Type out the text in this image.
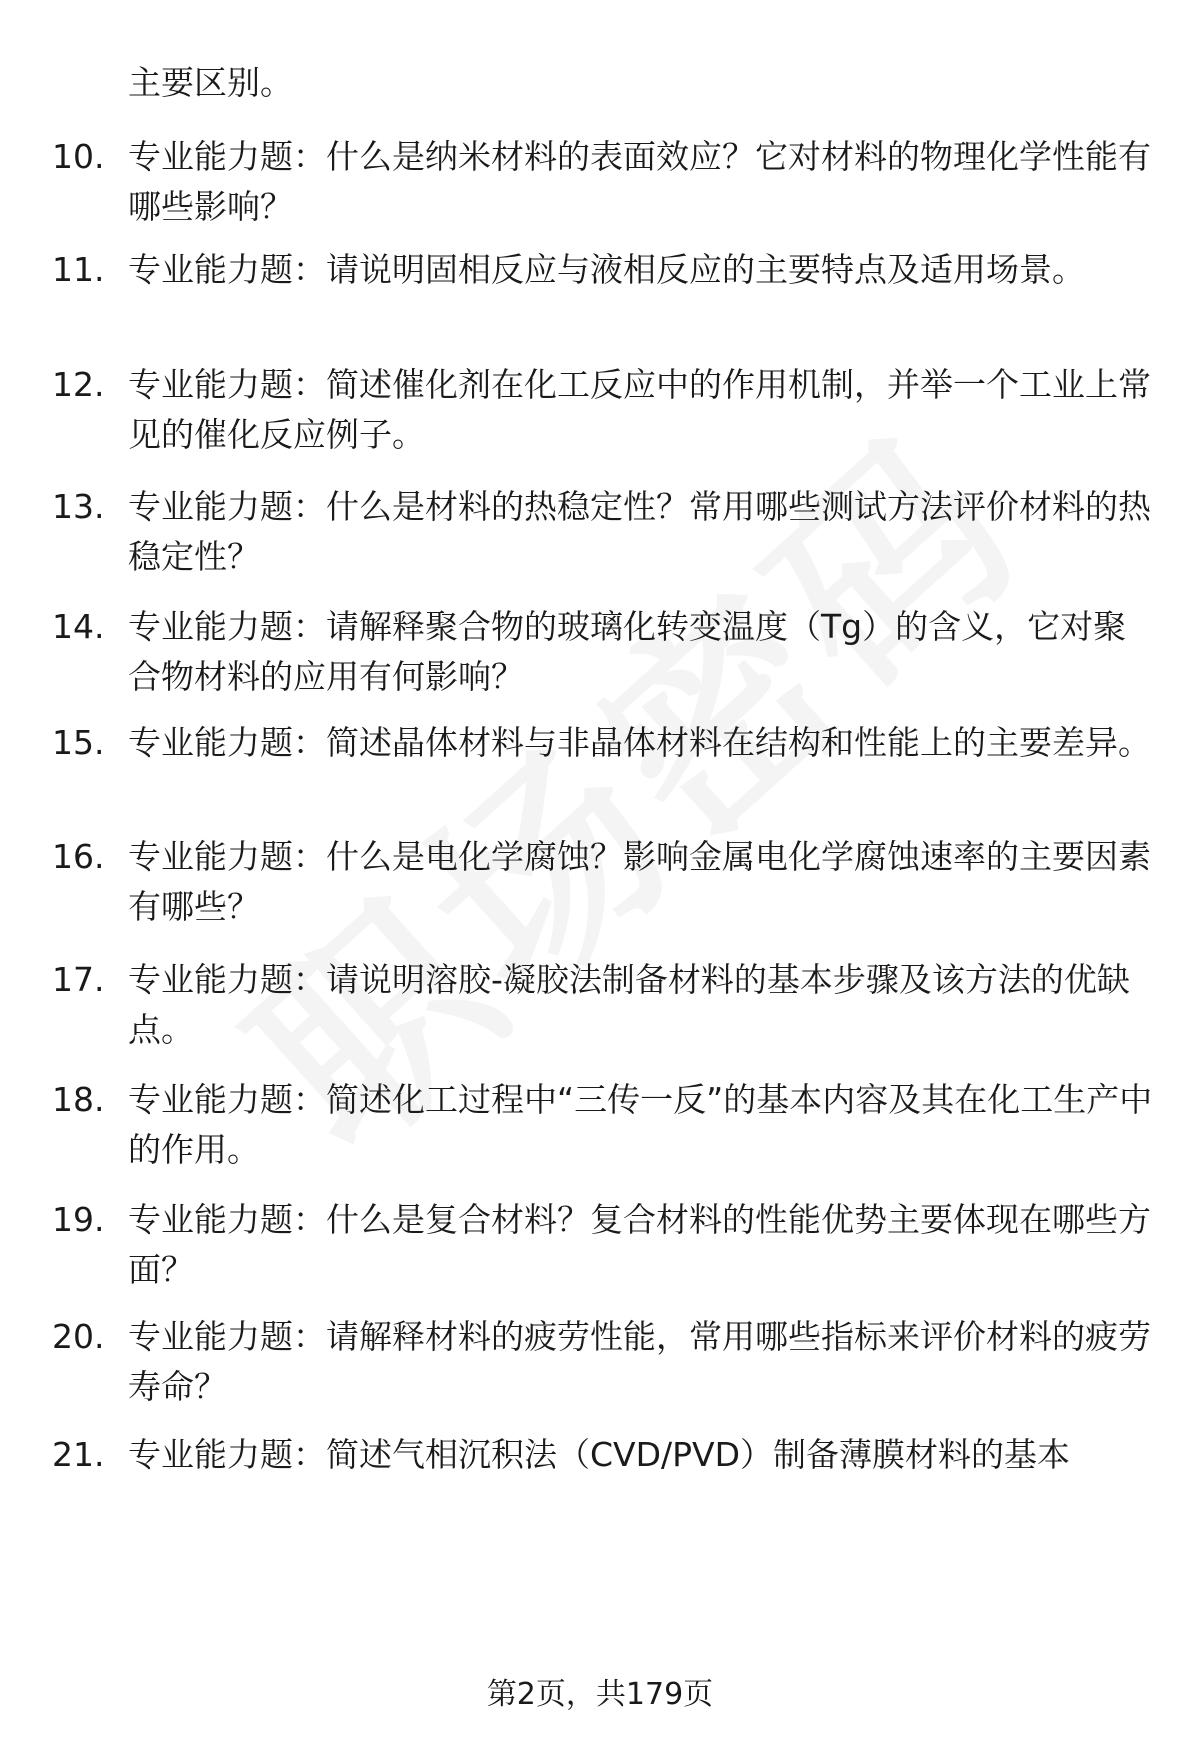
主要区别。

10. 专业能力题：什么是纳米材料的表面效应？它对材料的物理化学性能有哪些影响？

11. 专业能力题：请说明固相反应与液相反应的主要特点及适用场景。

12. 专业能力题：简述催化剂在化工反应中的作用机制，并举一个工业上常见的催化反应例子。

13. 专业能力题：什么是材料的热稳定性？常用哪些测试方法评价材料的热稳定性？

14. 专业能力题：请解释聚合物的玻璃化转变温度（Tg）的含义，它对聚合物材料的应用有何影响？

15. 专业能力题：简述晶体材料与非晶体材料在结构和性能上的主要差异。

16. 专业能力题：什么是电化学腐蚀？影响金属电化学腐蚀速率的主要因素有哪些？

17. 专业能力题：请说明溶胶-凝胶法制备材料的基本步骤及该方法的优缺点。

18. 专业能力题：简述化工过程中“三传一反”的基本内容及其在化工生产中的作用。

19. 专业能力题：什么是复合材料？复合材料的性能优势主要体现在哪些方面？

20. 专业能力题：请解释材料的疲劳性能，常用哪些指标来评价材料的疲劳寿命？

21. 专业能力题：简述气相沉积法（CVD/PVD）制备薄膜材料的基本

第2页，共179页
